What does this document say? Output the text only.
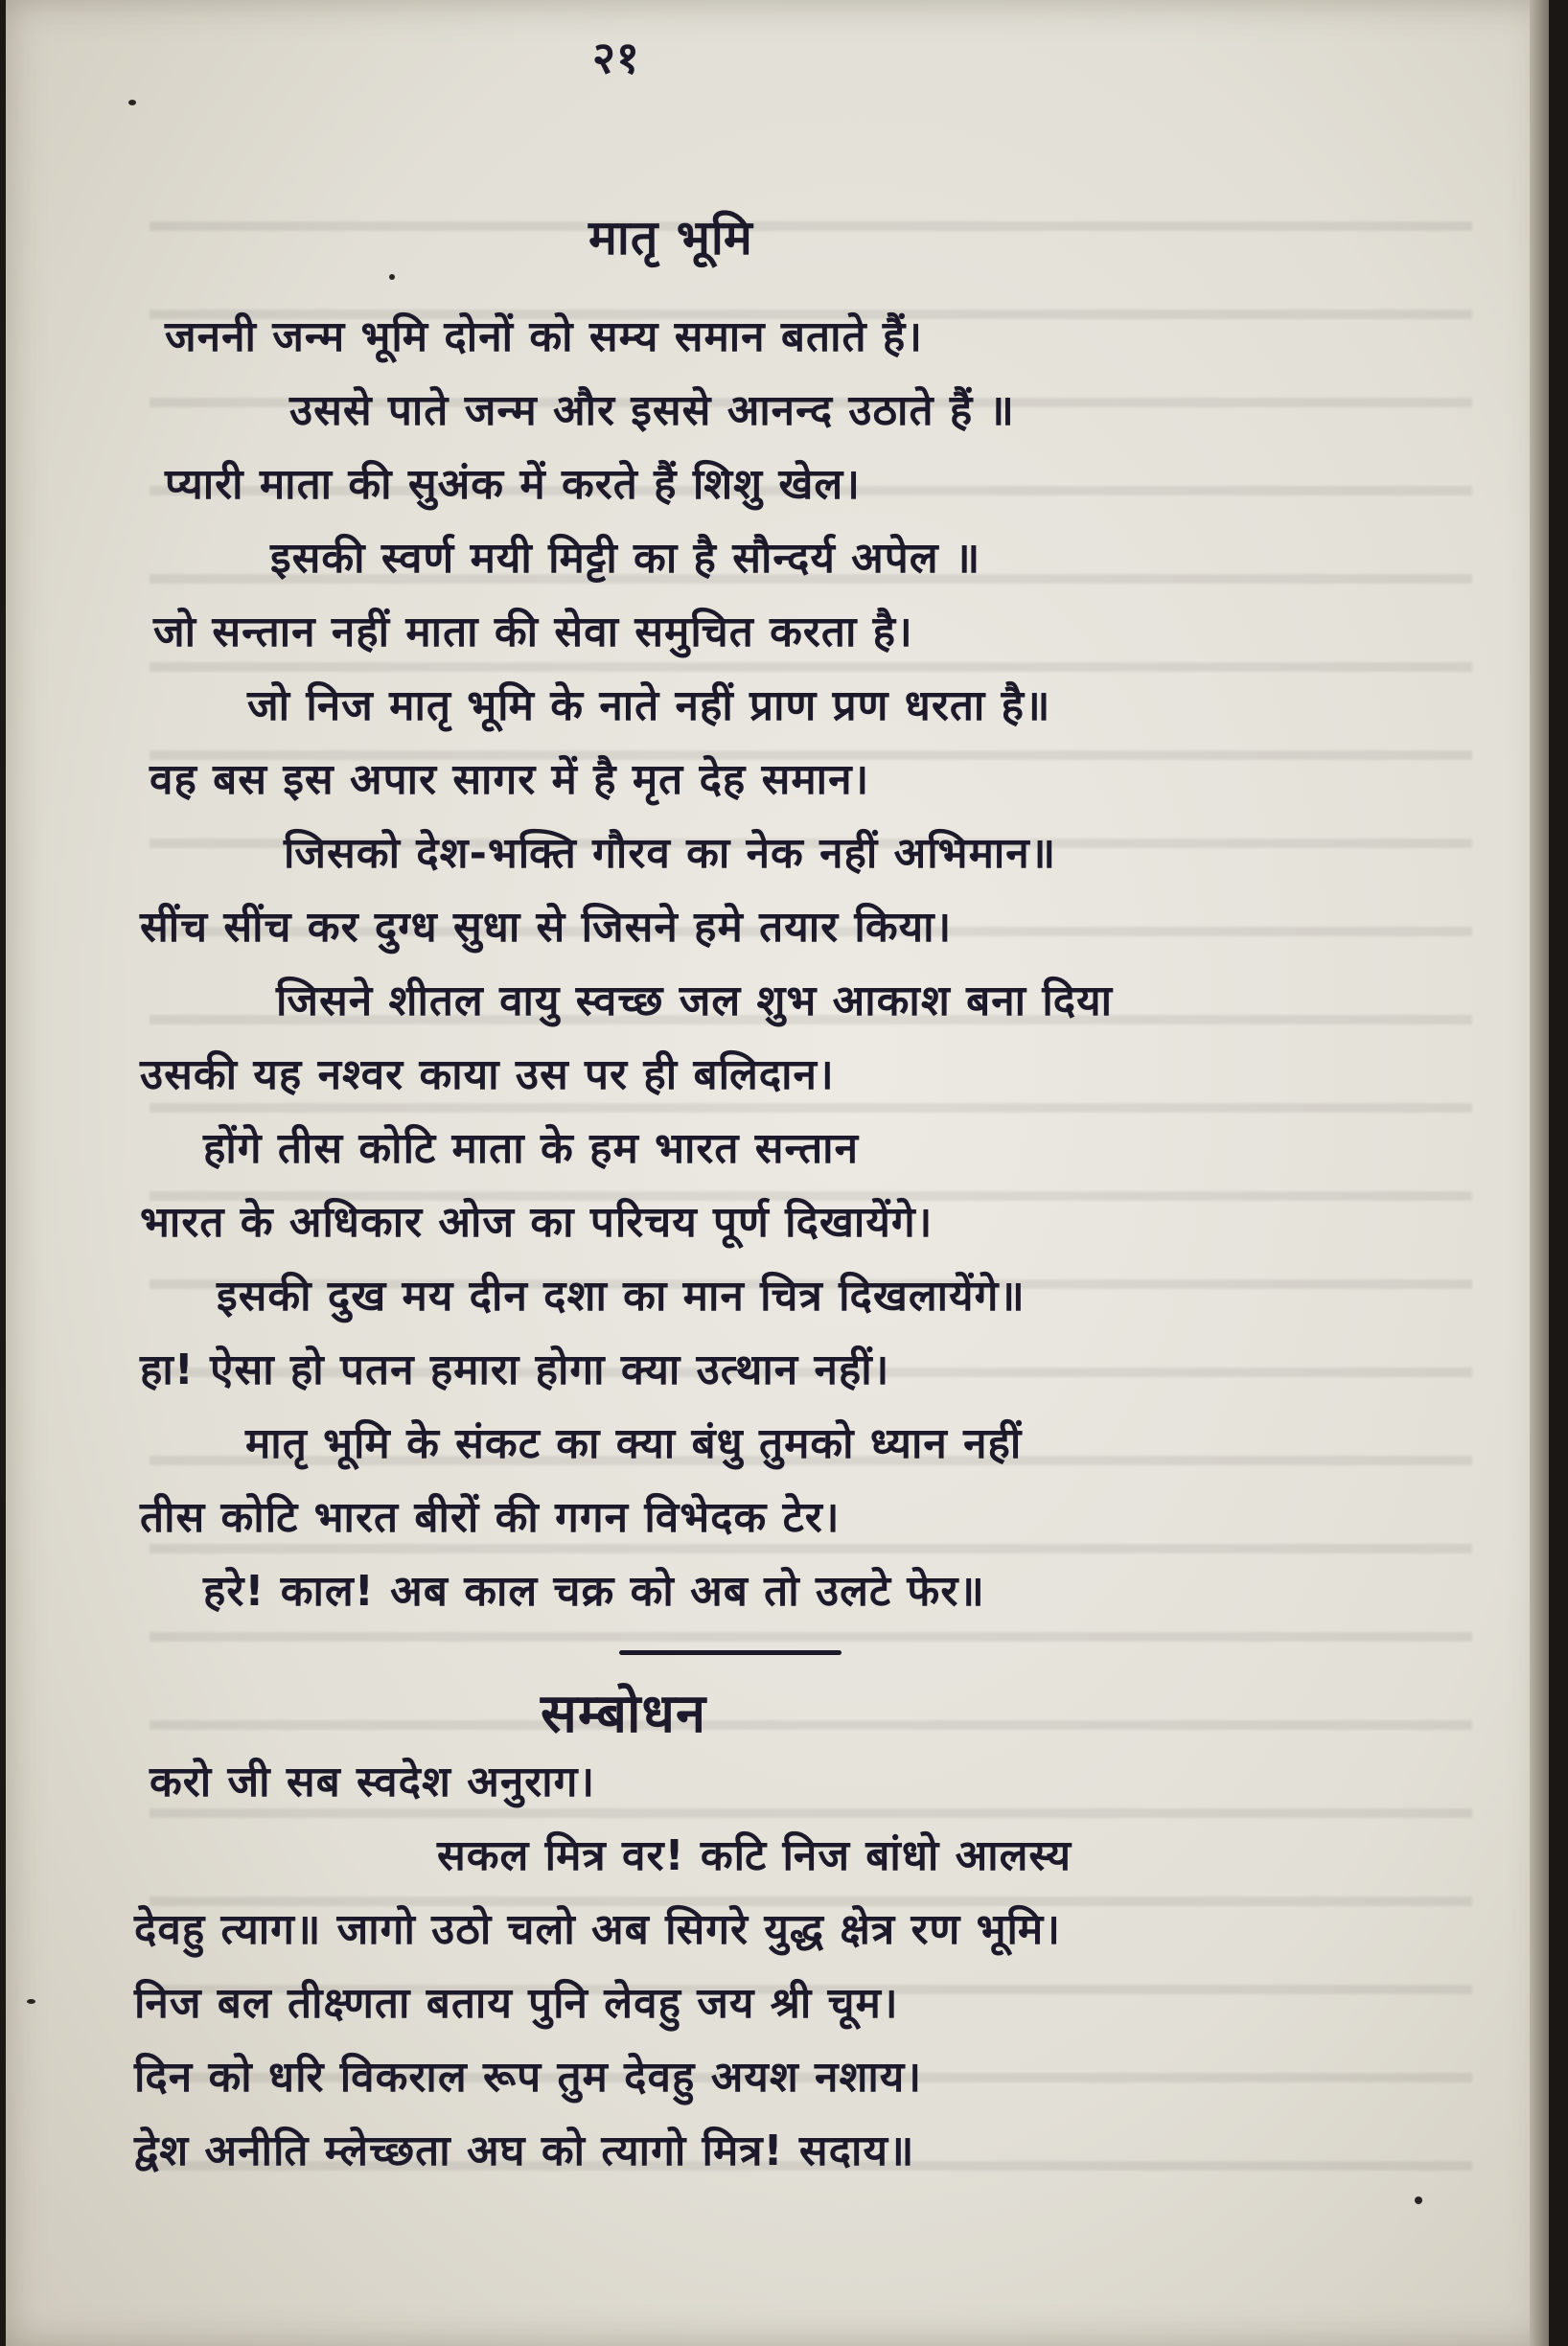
२१
मातृ भूमि
जननी जन्म भूमि दोनों को सम्य समान बताते हैं।
उससे पाते जन्म और इससे आनन्द उठाते हैं ॥
प्यारी माता की सुअंक में करते हैं शिशु खेल।
इसकी स्वर्ण मयी मिट्टी का है सौन्दर्य अपेल ॥
जो सन्तान नहीं माता की सेवा समुचित करता है।
जो निज मातृ भूमि के नाते नहीं प्राण प्रण धरता है॥
वह बस इस अपार सागर में है मृत देह समान।
जिसको देश-भक्ति गौरव का नेक नहीं अभिमान॥
सींच सींच कर दुग्ध सुधा से जिसने हमे तयार किया।
जिसने शीतल वायु स्वच्छ जल शुभ आकाश बना दिया
उसकी यह नश्वर काया उस पर ही बलिदान।
होंगे तीस कोटि माता के हम भारत सन्तान
भारत के अधिकार ओज का परिचय पूर्ण दिखायेंगे।
इसकी दुख मय दीन दशा का मान चित्र दिखलायेंगे॥
हा! ऐसा हो पतन हमारा होगा क्या उत्थान नहीं।
मातृ भूमि के संकट का क्या बंधु तुमको ध्यान नहीं
तीस कोटि भारत बीरों की गगन विभेदक टेर।
हरे! काल! अब काल चक्र को अब तो उलटे फेर॥
सम्बोधन
करो जी सब स्वदेश अनुराग।
सकल मित्र वर! कटि निज बांधो आलस्य
देवहु त्याग॥ जागो उठो चलो अब सिगरे युद्ध क्षेत्र रण भूमि।
निज बल तीक्ष्णता बताय पुनि लेवहु जय श्री चूम।
दिन को धरि विकराल रूप तुम देवहु अयश नशाय।
द्वेश अनीति म्लेच्छता अघ को त्यागो मित्र! सदाय॥
